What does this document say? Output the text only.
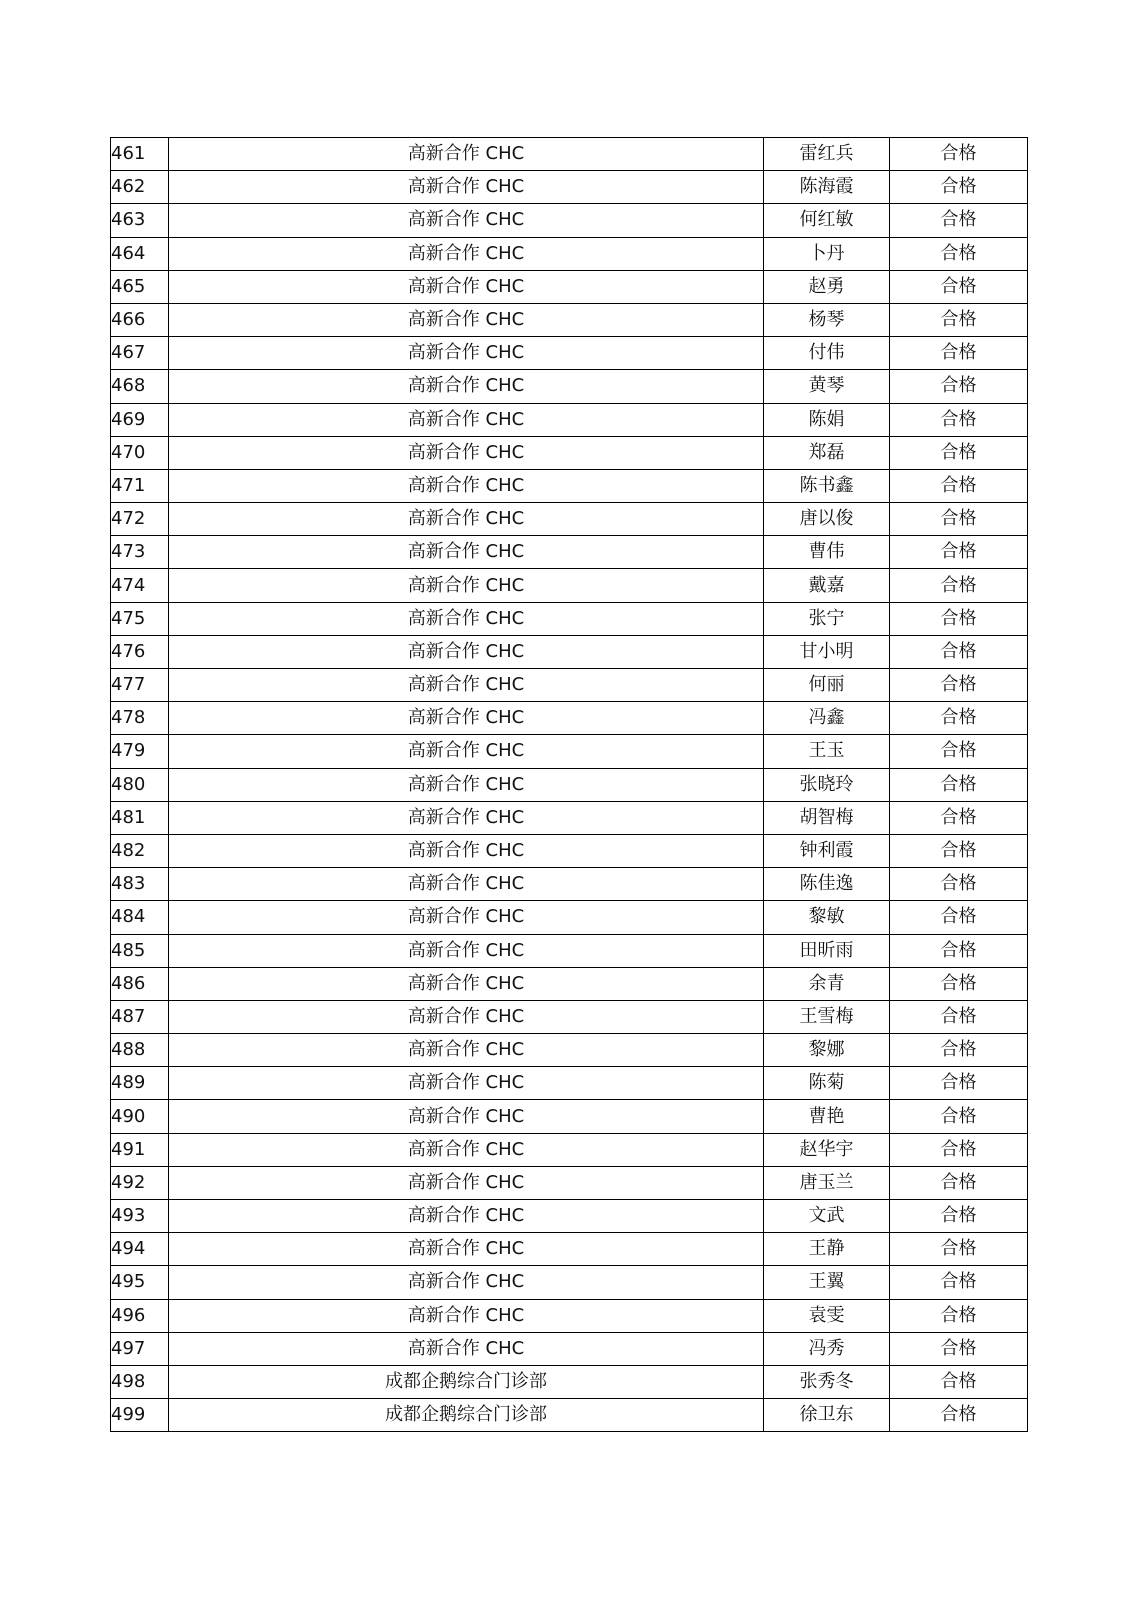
461	高新合作 CHC	雷红兵	合格
462	高新合作 CHC	陈海霞	合格
463	高新合作 CHC	何红敏	合格
464	高新合作 CHC	卜丹	合格
465	高新合作 CHC	赵勇	合格
466	高新合作 CHC	杨琴	合格
467	高新合作 CHC	付伟	合格
468	高新合作 CHC	黄琴	合格
469	高新合作 CHC	陈娟	合格
470	高新合作 CHC	郑磊	合格
471	高新合作 CHC	陈书鑫	合格
472	高新合作 CHC	唐以俊	合格
473	高新合作 CHC	曹伟	合格
474	高新合作 CHC	戴嘉	合格
475	高新合作 CHC	张宁	合格
476	高新合作 CHC	甘小明	合格
477	高新合作 CHC	何丽	合格
478	高新合作 CHC	冯鑫	合格
479	高新合作 CHC	王玉	合格
480	高新合作 CHC	张晓玲	合格
481	高新合作 CHC	胡智梅	合格
482	高新合作 CHC	钟利霞	合格
483	高新合作 CHC	陈佳逸	合格
484	高新合作 CHC	黎敏	合格
485	高新合作 CHC	田昕雨	合格
486	高新合作 CHC	余青	合格
487	高新合作 CHC	王雪梅	合格
488	高新合作 CHC	黎娜	合格
489	高新合作 CHC	陈菊	合格
490	高新合作 CHC	曹艳	合格
491	高新合作 CHC	赵华宇	合格
492	高新合作 CHC	唐玉兰	合格
493	高新合作 CHC	文武	合格
494	高新合作 CHC	王静	合格
495	高新合作 CHC	王翼	合格
496	高新合作 CHC	袁雯	合格
497	高新合作 CHC	冯秀	合格
498	成都企鹅综合门诊部	张秀冬	合格
499	成都企鹅综合门诊部	徐卫东	合格
